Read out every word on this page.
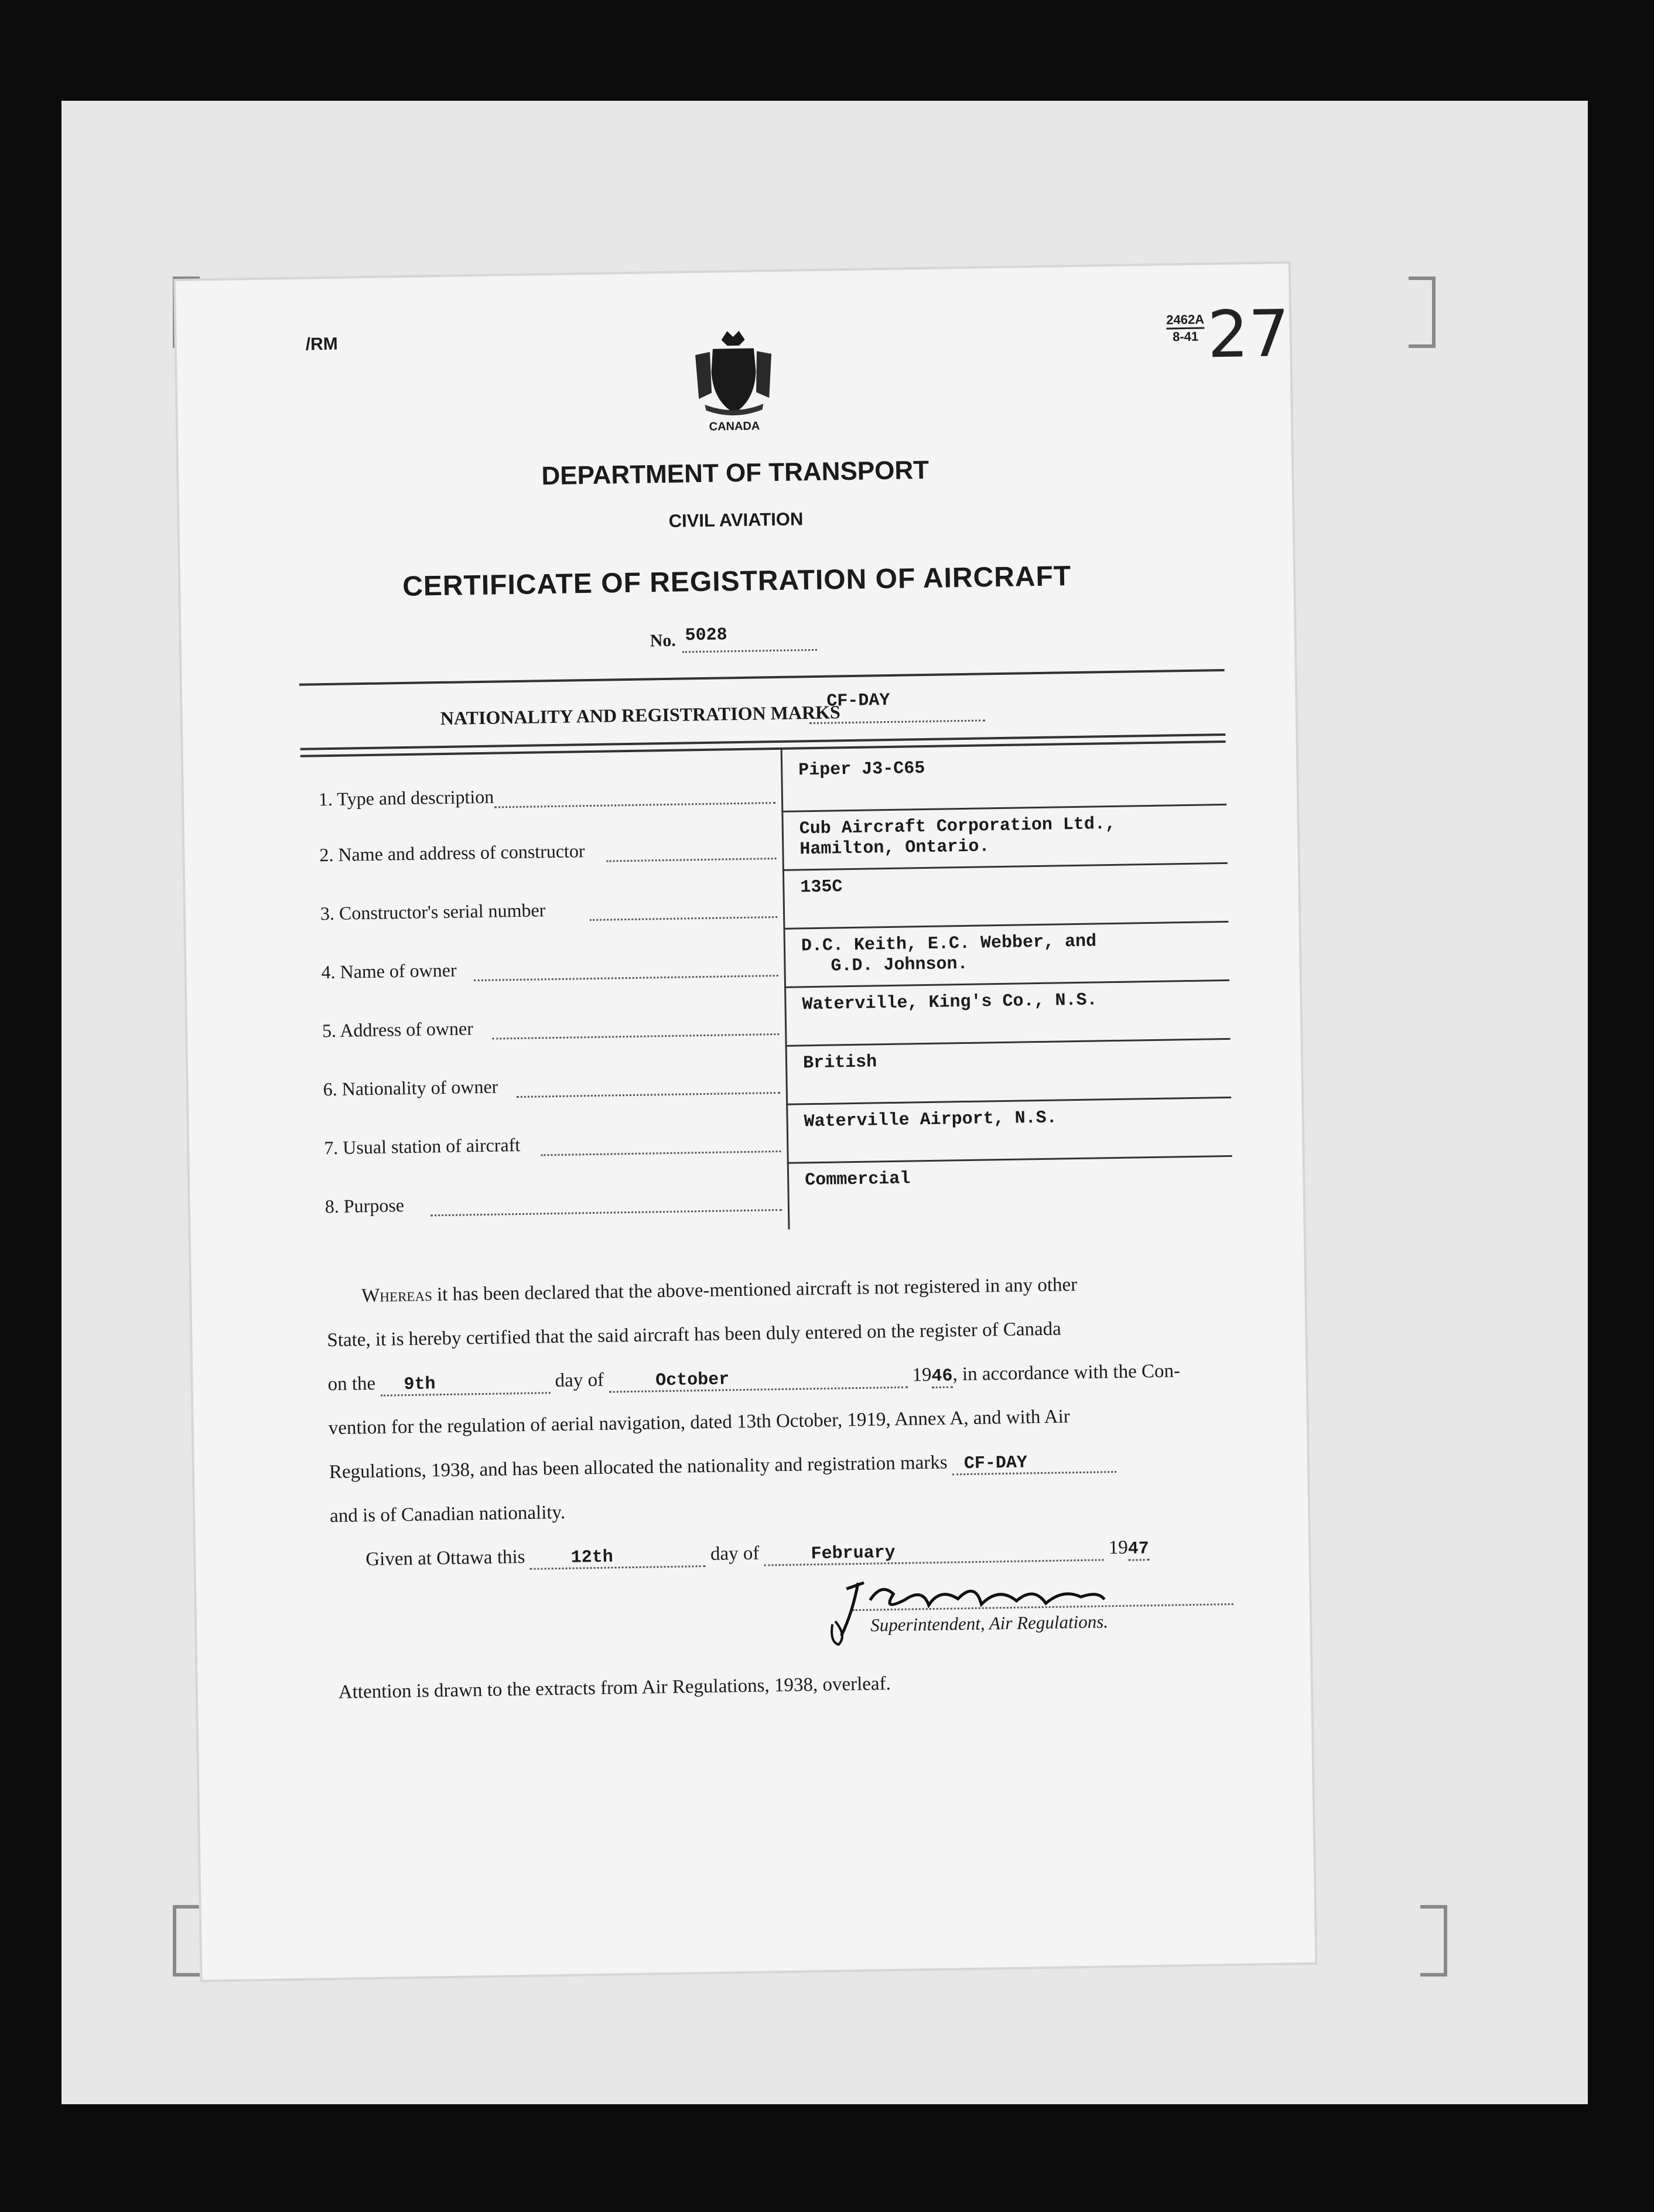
/RM
2462A
8-41 27
CANADA
DEPARTMENT OF TRANSPORT
CIVIL AVIATION
CERTIFICATE OF REGISTRATION OF AIRCRAFT
No. 5028
NATIONALITY AND REGISTRATION MARKS
CF-DAY
1. Type and description
Piper J3-C65
2. Name and address of constructor
Cub Aircraft Corporation Ltd.,
Hamilton, Ontario.
3. Constructor's serial number
135C
4. Name of owner
D.C. Keith, E.C. Webber, and
G.D. Johnson.
5. Address of owner
Waterville, King's Co., N.S.
6. Nationality of owner
British
7. Usual station of aircraft
Waterville Airport, N.S.
8. Purpose
Commercial
Whereas it has been declared that the above-mentioned aircraft is not registered in any other
State, it is hereby certified that the said aircraft has been duly entered on the register of Canada
on the 9th	day of	October	1946, in accordance with the Con-
vention for the regulation of aerial navigation, dated 13th October, 1919, Annex A, and with Air
Regulations, 1938, and has been allocated the nationality and registration marks CF-DAY
and is of Canadian nationality.
Given at Ottawa this	12th	day of	February	1947
Superintendent, Air Regulations.
Attention is drawn to the extracts from Air Regulations, 1938, overleaf.
